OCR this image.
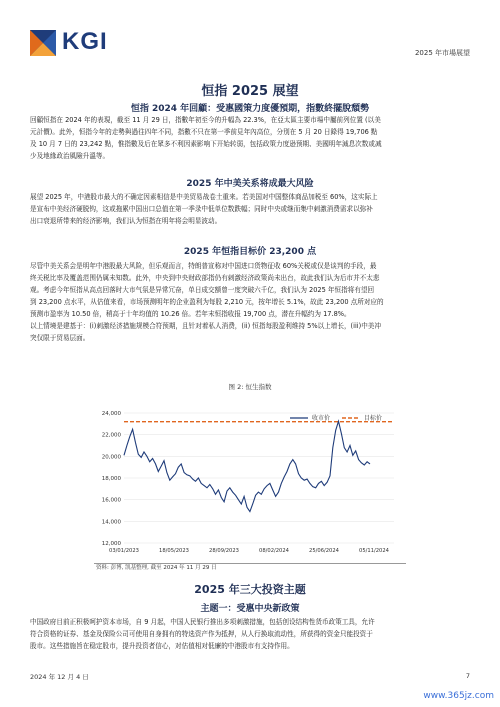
KGI	2025 年市場展望
恒指 2025 展望
恒指 2024 年回顧：受惠國策力度優預期，指數終擺脫頹勢
回顧恒指在 2024 年的表現，截至 11 月 29 日，指數年初至今的升幅為 22.3%，在亞太區主要市場中屬前列位置 (以美
元計價)。此外，恒指今年的走勢與過往四年不同，指數不只在第一季前見年內高位，分別在 5 月 20 日錄得 19,706 點
及 10 月 7 日的 23,242 點，惟指數及后在眾多不利因素影响下开始转弱，包括政策力度逊预期、美國明年減息次数或减
少及地緣政治風險升溫等。
2025 年中美关系将成最大风险
展望 2025 年，中港股市最大的不确定因素相信是中美贸易战卷土重来。若美国对中国整体商品加税至 60%，这实际上
是宣布中美经济硬脱钩，这或拖累中国出口总值在第一季录中低单位数跌幅；同时中央或继而集中刺激消费需求以弥补
出口衰退所带来的经济影响，我们认为恒指在明年将会明显波动。
2025 年恒指目标价 23,200 点
尽管中美关系会是明年中港股最大风险，但乐观而言，特朗普宣称对中国进口货物征收 60%关税或仅是谈判的手段，最
终关税比率及覆盖范围仍属未知数。此外，中央到中央财政部指仍有刺激经济政策尚未出台，故此我们认为后市并不太悲
观。考虑今年恒指从高点回落时大市气氛是异常冗奋，单日成交额曾一度突破六千亿，我们认为 2025 年恒指将有望回
到 23,200 点水平，从估值来看，市场预测明年的企业盈利为每股 2,210 元，按年增长 5.1%，故此 23,200 点所对应的
预测市盈率为 10.50 倍，稍高于十年均值的 10.26 倍。若年末恒指收报 19,700 点，潜在升幅约为 17.8%。
以上情境是建基于：(i)刺激经济措施规模合符预期，且针对着私人消费，(ii) 恒指每股盈利维持 5%以上增长，(iii)中美冲
突仅限于贸易层面。
图 2: 恒生指数
12,000
14,000
16,000
18,000
20,000
22,000
24,000
03/01/2023	18/05/2023	28/09/2023	08/02/2024	25/06/2024	05/11/2024
收市价	目标价
资料: 彭博, 凯基整理, 截至 2024 年 11 月 29 日
2025 年三大投资主题
主题一：受惠中央新政策
中国政府目前正积极呵护资本市场，自 9 月起，中国人民银行推出多项刺激措施，包括创设结构性货币政策工具，允许
符合资格的证券、基金及保险公司可使用自身拥有的特选资产作为抵押，从人行换取流动性，所获得的资金只能投资于
股市。这些措施旨在稳定股市，提升投资者信心，对估值相对低廉的中港股市有支持作用。
2024 年 12 月 4 日	7
www.365jz.com
